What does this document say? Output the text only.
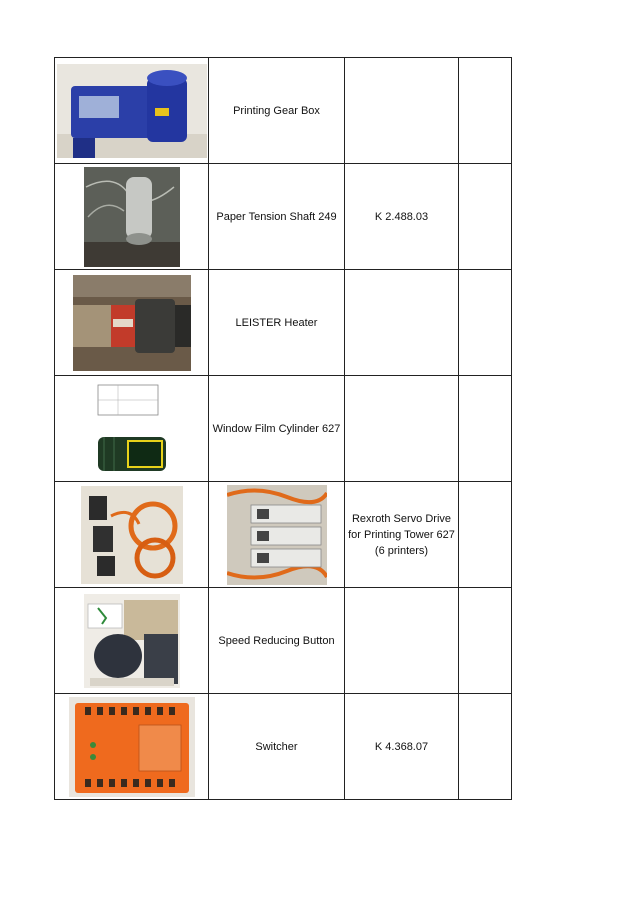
	Printing Gear Box		

	Paper Tension Shaft 249	K 2.488.03	

	LEISTER Heater		

	Window Film Cylinder 627		

	Rexroth Servo Drive for Printing Tower 627 (6 printers)	

	Speed Reducing Button		

	Switcher	K 4.368.07	
